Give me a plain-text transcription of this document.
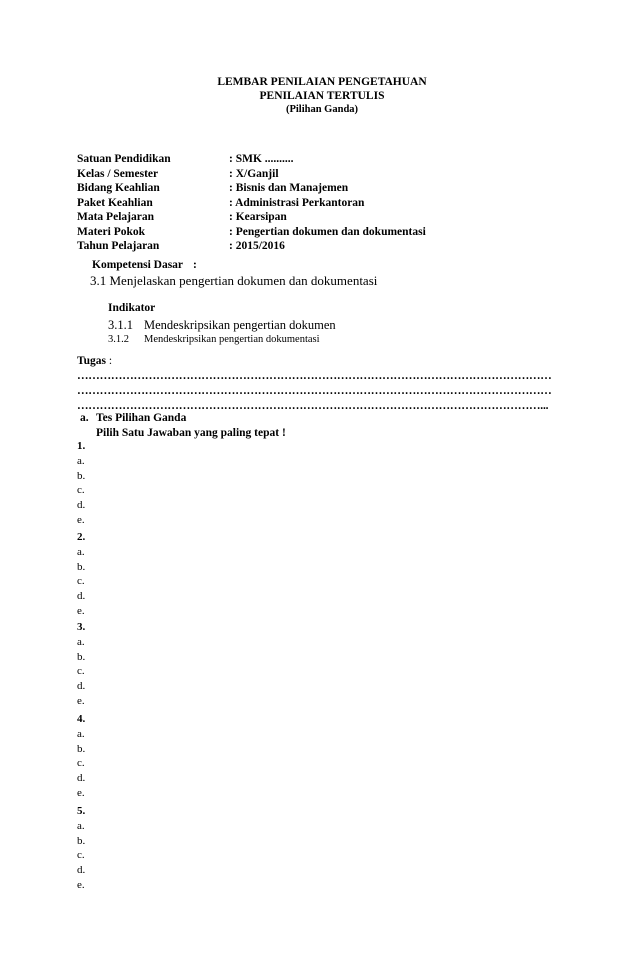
LEMBAR PENILAIAN PENGETAHUAN
PENILAIAN TERTULIS
(Pilihan Ganda)
Satuan Pendidikan	: SMK ..........
Kelas / Semester	: X/Ganjil
Bidang Keahlian	: Bisnis dan Manajemen
Paket Keahlian	: Administrasi Perkantoran
Mata Pelajaran	: Kearsipan
Materi Pokok	: Pengertian dokumen dan dokumentasi
Tahun Pelajaran	: 2015/2016
Kompetensi Dasar :
3.1 Menjelaskan pengertian dokumen dan dokumentasi
Indikator
3.1.1 Mendeskripsikan pengertian dokumen
3.1.2 Mendeskripsikan pengertian dokumentasi
Tugas :
………………………………………………………………………………………………………………
………………………………………………………………………………………………………………
……………………………………………………………………………………………………………...
a. Tes Pilihan Ganda
Pilih Satu Jawaban yang paling tepat !
1.
a.
b.
c.
d.
e.
2.
a.
b.
c.
d.
e.
3.
a.
b.
c.
d.
e.
4.
a.
b.
c.
d.
e.
5.
a.
b.
c.
d.
e.
